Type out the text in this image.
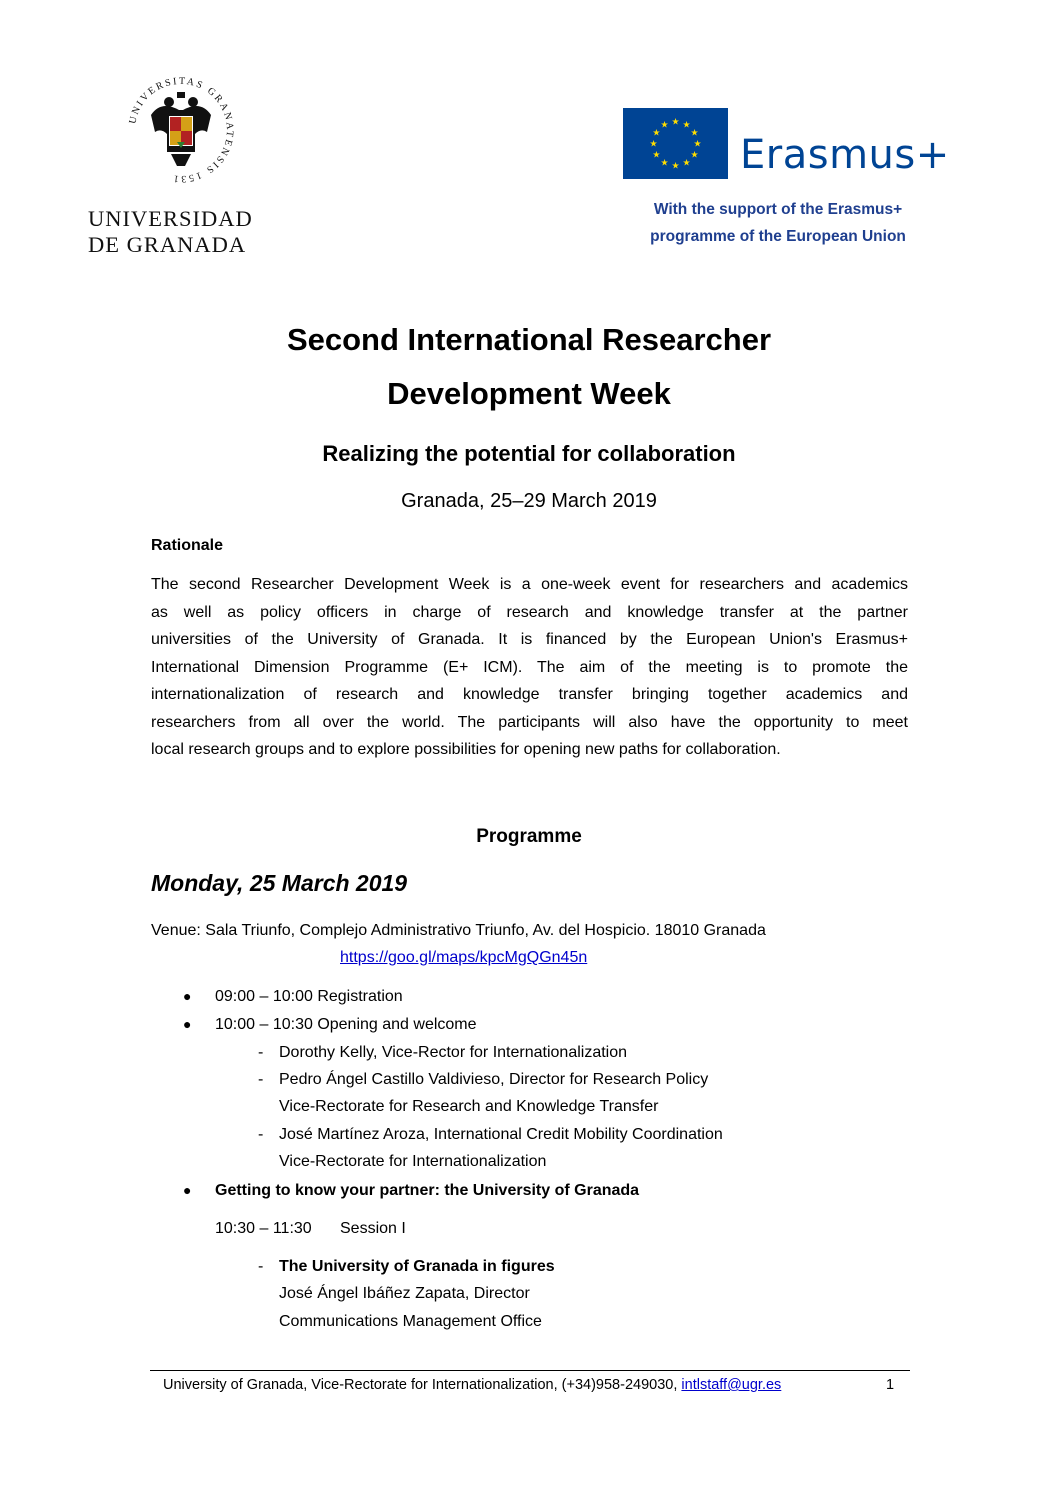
UNIVERSITAS GRANATENSIS 1531
UNIVERSIDAD
DE GRANADA
★ ★
★
★
★
★
★
★
★
★
★
★
Erasmus+
With the support of the Erasmus+
programme of the European Union
Second International Researcher
Development Week
Realizing the potential for collaboration
Granada, 25–29 March 2019
Rationale
The second Researcher Development Week is a one-week event for researchers and academics
as well as policy officers in charge of research and knowledge transfer at the partner
universities of the University of Granada. It is financed by the European Union's Erasmus+
International Dimension Programme (E+ ICM). The aim of the meeting is to promote the
internationalization of research and knowledge transfer bringing together academics and
researchers from all over the world. The participants will also have the opportunity to meet
local research groups and to explore possibilities for opening new paths for collaboration.
Programme
Monday, 25 March 2019
Venue: Sala Triunfo, Complejo Administrativo Triunfo, Av. del Hospicio. 18010 Granada
https://goo.gl/maps/kpcMgQGn45n
● 09:00 – 10:00 Registration
● 10:00 – 10:30 Opening and welcome
- Dorothy Kelly, Vice-Rector for Internationalization
- Pedro Ángel Castillo Valdivieso, Director for Research Policy
Vice-Rectorate for Research and Knowledge Transfer
- José Martínez Aroza, International Credit Mobility Coordination
Vice-Rectorate for Internationalization
● Getting to know your partner: the University of Granada
10:30 – 11:30 Session I
- The University of Granada in figures
José Ángel Ibáñez Zapata, Director
Communications Management Office
University of Granada, Vice-Rectorate for Internationalization, (+34)958-249030, intlstaff@ugr.es	1
